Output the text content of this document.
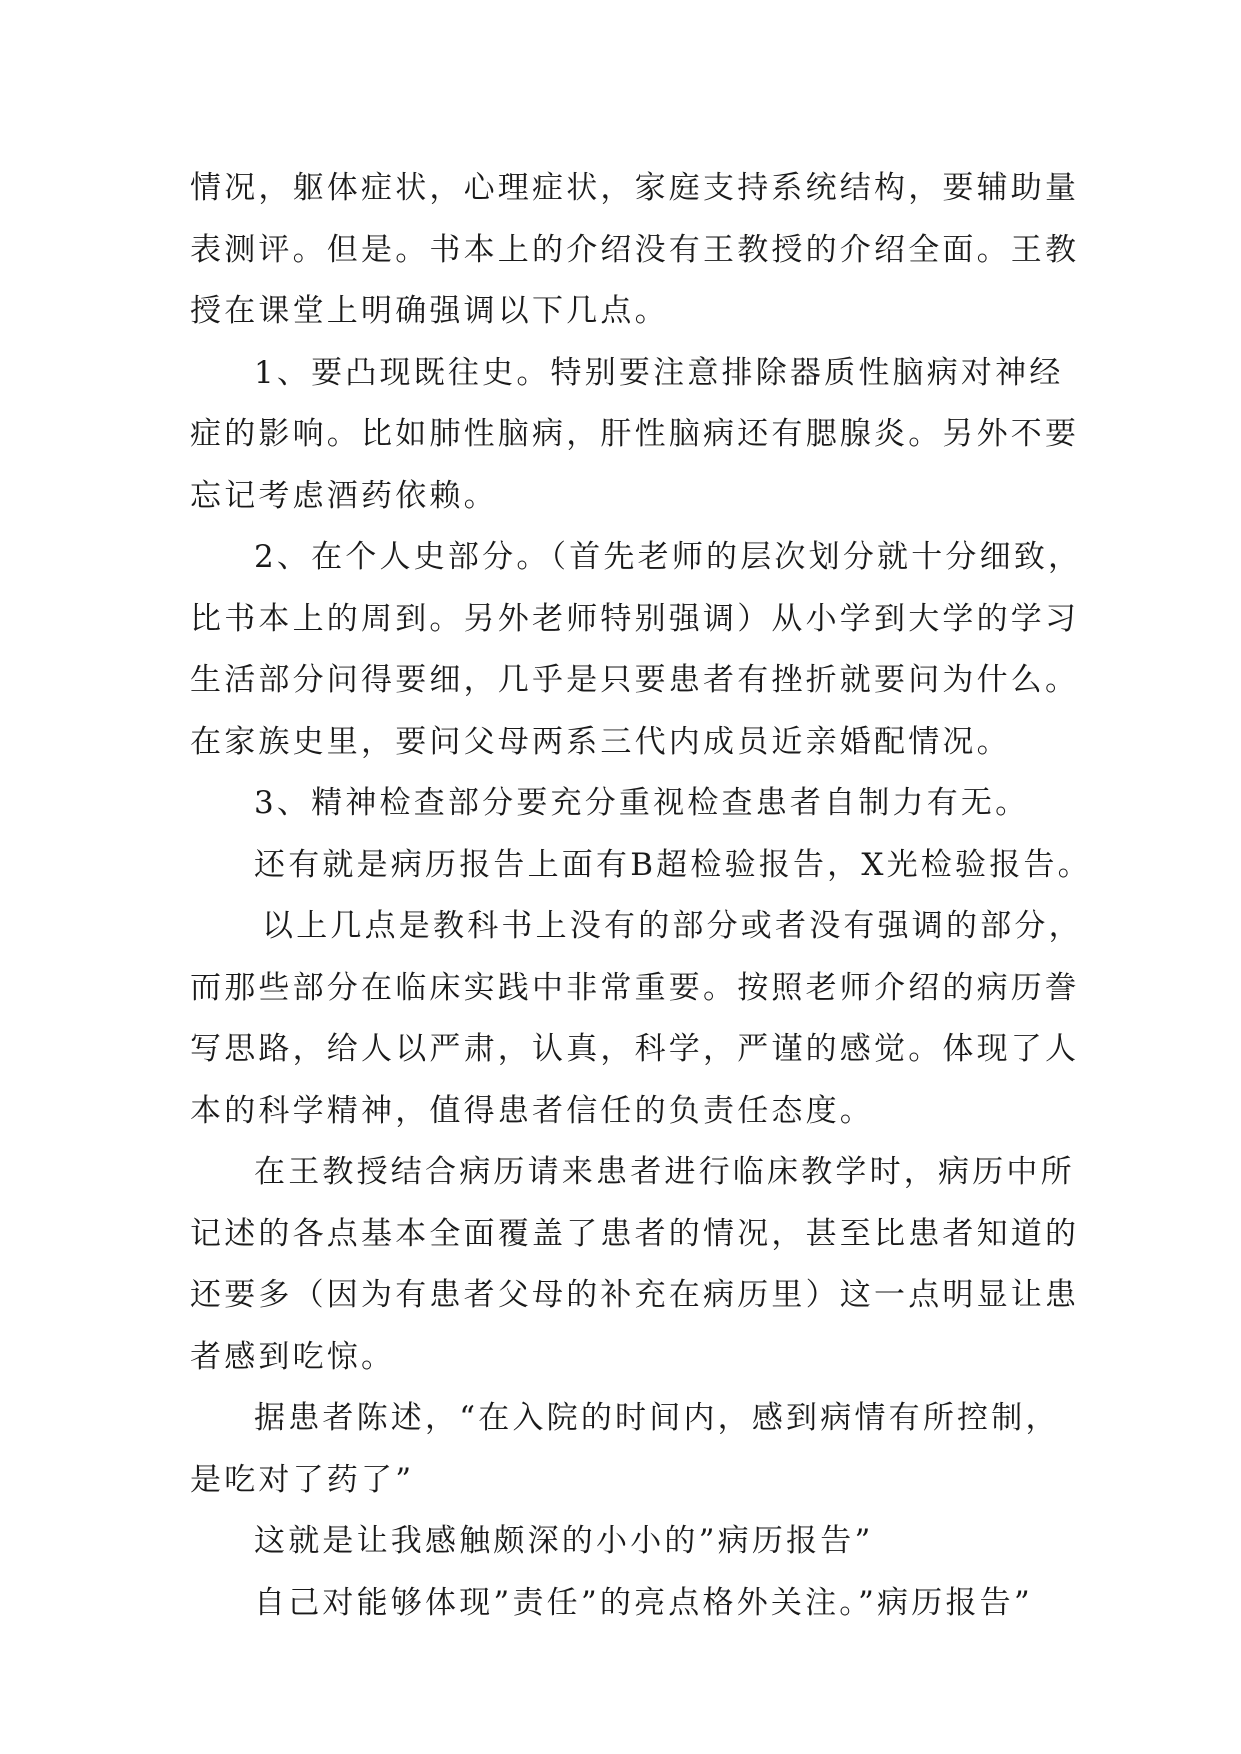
情况，躯体症状，心理症状，家庭支持系统结构，要辅助量
表测评。但是。书本上的介绍没有王教授的介绍全面。王教
授在课堂上明确强调以下几点。

1、要凸现既往史。特别要注意排除器质性脑病对神经
症的影响。比如肺性脑病，肝性脑病还有腮腺炎。另外不要
忘记考虑酒药依赖。

2、在个人史部分。（首先老师的层次划分就十分细致，
比书本上的周到。另外老师特别强调）从小学到大学的学习
生活部分问得要细，几乎是只要患者有挫折就要问为什么。
在家族史里，要问父母两系三代内成员近亲婚配情况。

3、精神检查部分要充分重视检查患者自制力有无。

还有就是病历报告上面有B超检验报告，X光检验报告。

以上几点是教科书上没有的部分或者没有强调的部分，
而那些部分在临床实践中非常重要。按照老师介绍的病历誊
写思路，给人以严肃，认真，科学，严谨的感觉。体现了人
本的科学精神，值得患者信任的负责任态度。

在王教授结合病历请来患者进行临床教学时，病历中所
记述的各点基本全面覆盖了患者的情况，甚至比患者知道的
还要多（因为有患者父母的补充在病历里）这一点明显让患
者感到吃惊。

据患者陈述，“在入院的时间内，感到病情有所控制，
是吃对了药了”

这就是让我感触颇深的小小的”病历报告”

自己对能够体现”责任”的亮点格外关注。”病历报告”
